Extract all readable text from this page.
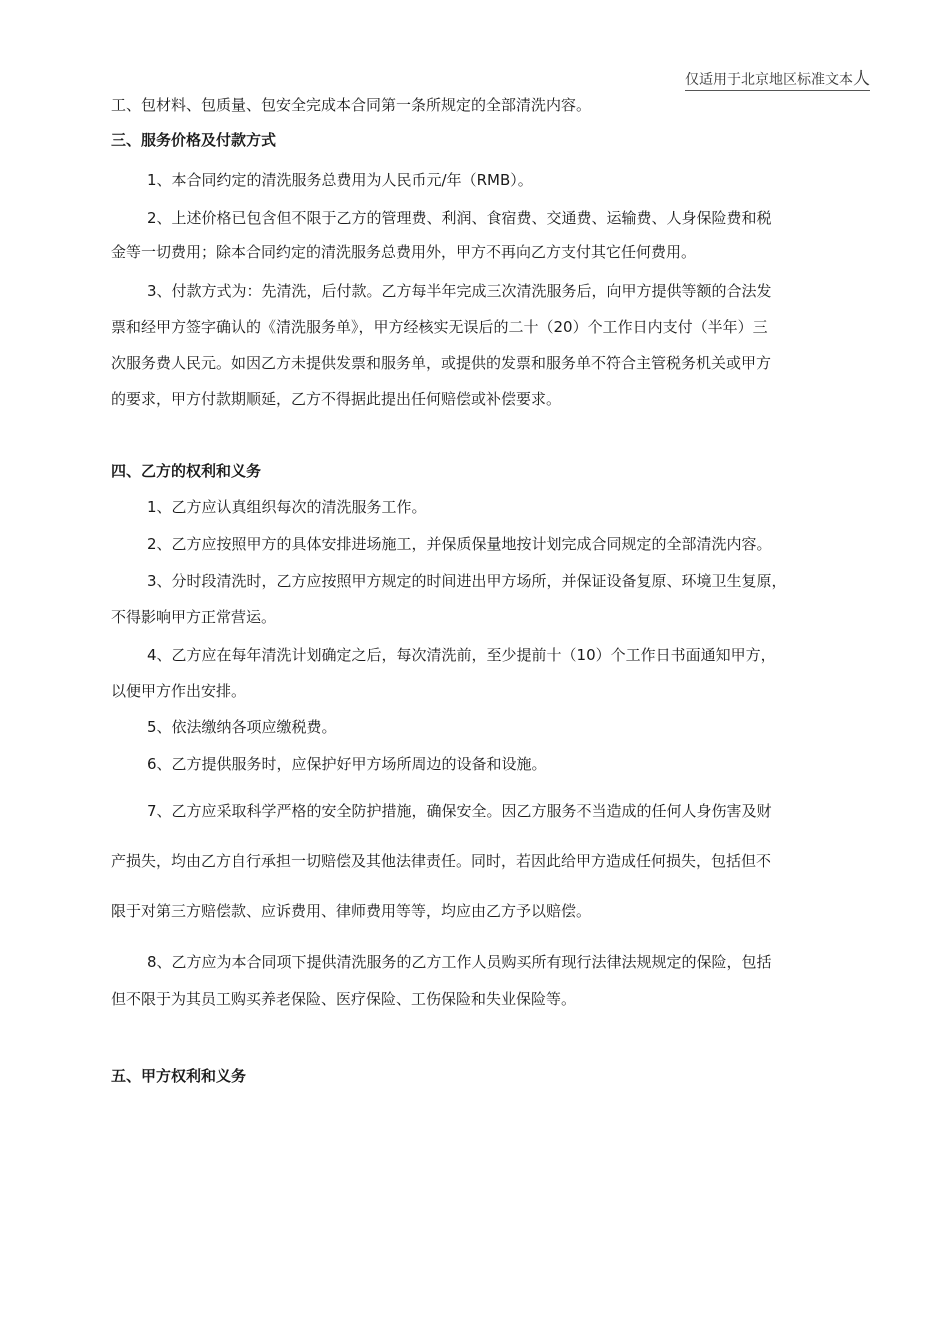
仅适用于北京地区标准文本人
工、包材料、包质量、包安全完成本合同第一条所规定的全部清洗内容。
三、服务价格及付款方式
1、本合同约定的清洗服务总费用为人民币元/年（RMB）。
2、上述价格已包含但不限于乙方的管理费、利润、食宿费、交通费、运输费、人身保险费和税
金等一切费用；除本合同约定的清洗服务总费用外，甲方不再向乙方支付其它任何费用。
3、付款方式为：先清洗，后付款。乙方每半年完成三次清洗服务后，向甲方提供等额的合法发
票和经甲方签字确认的《清洗服务单》，甲方经核实无误后的二十（20）个工作日内支付（半年）三
次服务费人民元。如因乙方未提供发票和服务单，或提供的发票和服务单不符合主管税务机关或甲方
的要求，甲方付款期顺延，乙方不得据此提出任何赔偿或补偿要求。
四、乙方的权利和义务
1、乙方应认真组织每次的清洗服务工作。
2、乙方应按照甲方的具体安排进场施工，并保质保量地按计划完成合同规定的全部清洗内容。
3、分时段清洗时，乙方应按照甲方规定的时间进出甲方场所，并保证设备复原、环境卫生复原，
不得影响甲方正常营运。
4、乙方应在每年清洗计划确定之后，每次清洗前，至少提前十（10）个工作日书面通知甲方，
以便甲方作出安排。
5、依法缴纳各项应缴税费。
6、乙方提供服务时，应保护好甲方场所周边的设备和设施。
7、乙方应采取科学严格的安全防护措施，确保安全。因乙方服务不当造成的任何人身伤害及财
产损失，均由乙方自行承担一切赔偿及其他法律责任。同时，若因此给甲方造成任何损失，包括但不
限于对第三方赔偿款、应诉费用、律师费用等等，均应由乙方予以赔偿。
8、乙方应为本合同项下提供清洗服务的乙方工作人员购买所有现行法律法规规定的保险，包括
但不限于为其员工购买养老保险、医疗保险、工伤保险和失业保险等。
五、甲方权利和义务
